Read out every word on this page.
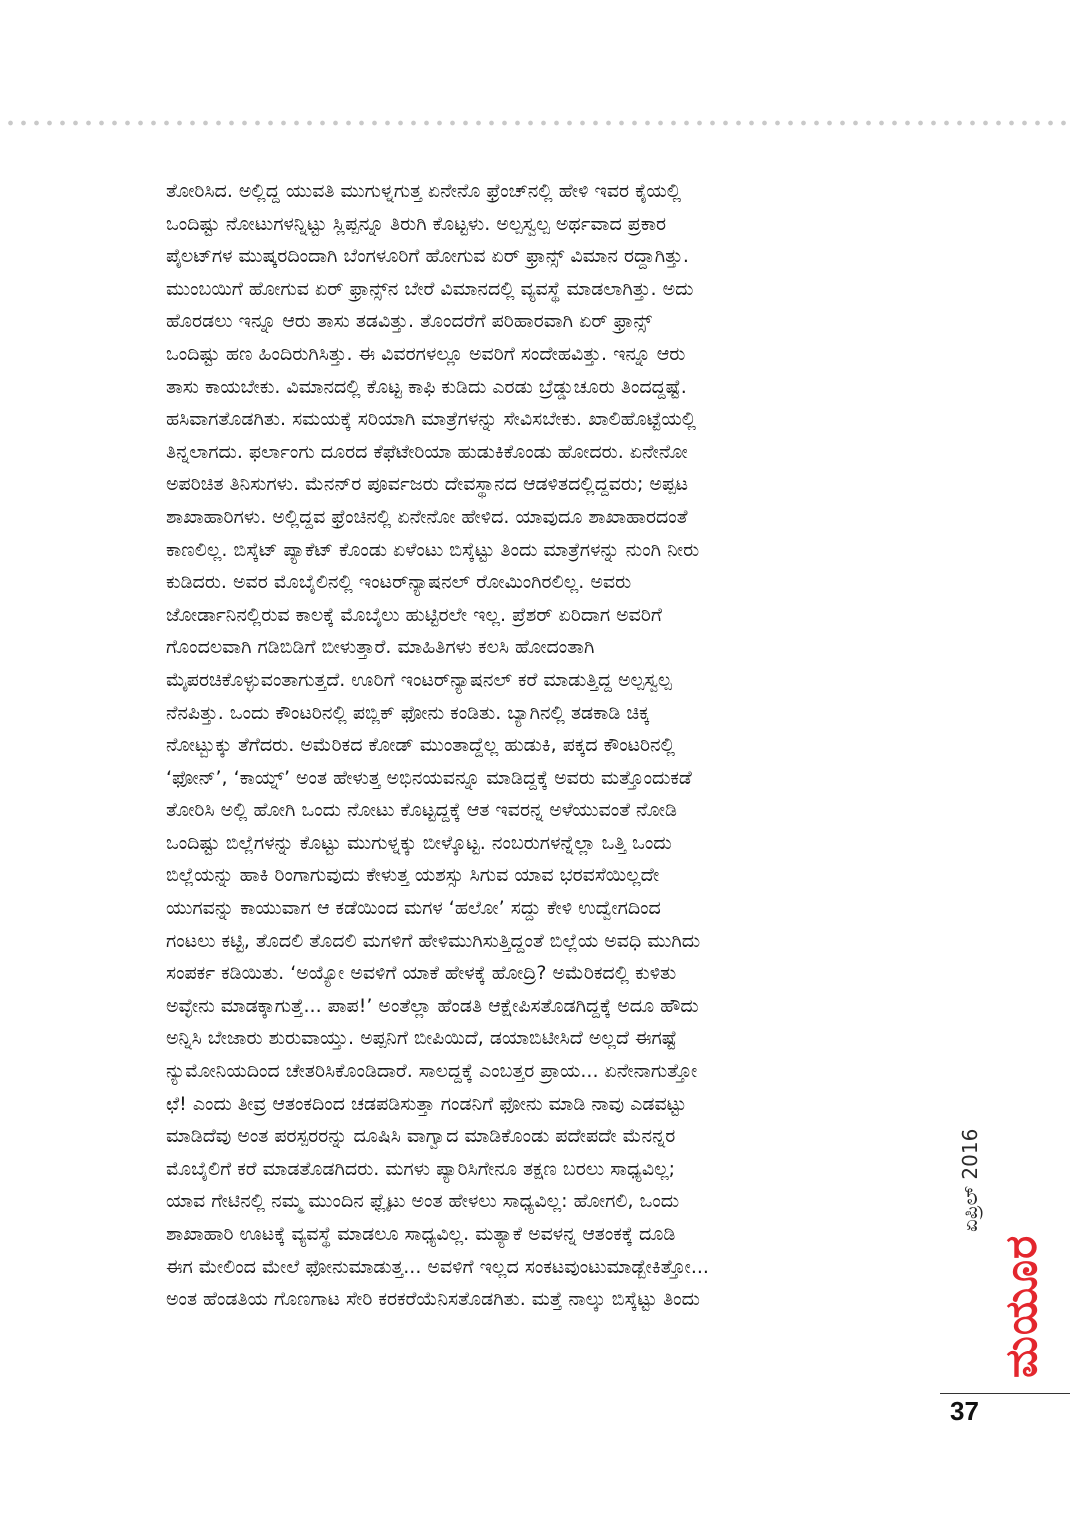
ತೋರಿಸಿದ. ಅಲ್ಲಿದ್ದ ಯುವತಿ ಮುಗುಳ್ನಗುತ್ತ ಏನೇನೊ ಫ್ರೆಂಚ್‌ನಲ್ಲಿ ಹೇಳಿ ಇವರ ಕೈಯಲ್ಲಿ
ಒಂದಿಷ್ಟು ನೋಟುಗಳನ್ನಿಟ್ಟು ಸ್ಲಿಪ್ಪನ್ನೂ ತಿರುಗಿ ಕೊಟ್ಟಳು. ಅಲ್ಪಸ್ವಲ್ಪ ಅರ್ಥವಾದ ಪ್ರಕಾರ
ಪೈಲಟ್‌ಗಳ ಮುಷ್ಕರದಿಂದಾಗಿ ಬೆಂಗಳೂರಿಗೆ ಹೋಗುವ ಏರ್ ಫ್ರಾನ್ಸ್ ವಿಮಾನ ರದ್ದಾಗಿತ್ತು.
ಮುಂಬಯಿಗೆ ಹೋಗುವ ಏರ್ ಫ್ರಾನ್ಸ್‌ನ ಬೇರೆ ವಿಮಾನದಲ್ಲಿ ವ್ಯವಸ್ಥೆ ಮಾಡಲಾಗಿತ್ತು. ಅದು
ಹೊರಡಲು ಇನ್ನೂ ಆರು ತಾಸು ತಡವಿತ್ತು. ತೊಂದರೆಗೆ ಪರಿಹಾರವಾಗಿ ಏರ್ ಫ್ರಾನ್ಸ್
ಒಂದಿಷ್ಟು ಹಣ ಹಿಂದಿರುಗಿಸಿತ್ತು. ಈ ವಿವರಗಳಲ್ಲೂ ಅವರಿಗೆ ಸಂದೇಹವಿತ್ತು. ಇನ್ನೂ ಆರು
ತಾಸು ಕಾಯಬೇಕು. ವಿಮಾನದಲ್ಲಿ ಕೊಟ್ಟ ಕಾಫಿ ಕುಡಿದು ಎರಡು ಬ್ರೆಡ್ಡುಚೂರು ತಿಂದದ್ದಷ್ಟೆ.
ಹಸಿವಾಗತೊಡಗಿತು. ಸಮಯಕ್ಕೆ ಸರಿಯಾಗಿ ಮಾತ್ರೆಗಳನ್ನು ಸೇವಿಸಬೇಕು. ಖಾಲಿಹೊಟ್ಟೆಯಲ್ಲಿ
ತಿನ್ನಲಾಗದು. ಫರ್ಲಾಂಗು ದೂರದ ಕೆಫೆಟೇರಿಯಾ ಹುಡುಕಿಕೊಂಡು ಹೋದರು. ಏನೇನೋ
ಅಪರಿಚಿತ ತಿನಿಸುಗಳು. ಮೆನನ್‌ರ ಪೂರ್ವಜರು ದೇವಸ್ಥಾನದ ಆಡಳಿತದಲ್ಲಿದ್ದವರು; ಅಪ್ಪಟ
ಶಾಖಾಹಾರಿಗಳು. ಅಲ್ಲಿದ್ದವ ಫ್ರೆಂಚಿನಲ್ಲಿ ಏನೇನೋ ಹೇಳಿದ. ಯಾವುದೂ ಶಾಖಾಹಾರದಂತೆ
ಕಾಣಲಿಲ್ಲ. ಬಿಸ್ಕೆಟ್ ಪ್ಯಾಕೆಟ್ ಕೊಂಡು ಏಳೆಂಟು ಬಿಸ್ಕೆಟ್ಟು ತಿಂದು ಮಾತ್ರೆಗಳನ್ನು ನುಂಗಿ ನೀರು
ಕುಡಿದರು. ಅವರ ಮೊಬೈಲಿನಲ್ಲಿ ಇಂಟರ್‌ನ್ಯಾಷನಲ್ ರೋಮಿಂಗಿರಲಿಲ್ಲ. ಅವರು
ಜೋರ್ಡಾನಿನಲ್ಲಿರುವ ಕಾಲಕ್ಕೆ ಮೊಬೈಲು ಹುಟ್ಟಿರಲೇ ಇಲ್ಲ. ಪ್ರೆಶರ್ ಏರಿದಾಗ ಅವರಿಗೆ
ಗೊಂದಲವಾಗಿ ಗಡಿಬಿಡಿಗೆ ಬೀಳುತ್ತಾರೆ. ಮಾಹಿತಿಗಳು ಕಲಸಿ ಹೋದಂತಾಗಿ
ಮೈಪರಚಿಕೊಳ್ಳುವಂತಾಗುತ್ತದೆ. ಊರಿಗೆ ಇಂಟರ್‌ನ್ಯಾಷನಲ್ ಕರೆ ಮಾಡುತ್ತಿದ್ದ ಅಲ್ಪಸ್ವಲ್ಪ
ನೆನಪಿತ್ತು. ಒಂದು ಕೌಂಟರಿನಲ್ಲಿ ಪಬ್ಲಿಕ್ ಫೋನು ಕಂಡಿತು. ಬ್ಯಾಗಿನಲ್ಲಿ ತಡಕಾಡಿ ಚಿಕ್ಕ
ನೋಟ್ಬುಕ್ಕು ತೆಗೆದರು. ಅಮೆರಿಕದ ಕೋಡ್ ಮುಂತಾದ್ದೆಲ್ಲ ಹುಡುಕಿ, ಪಕ್ಕದ ಕೌಂಟರಿನಲ್ಲಿ
‘ಫೋನ್’, ‘ಕಾಯ್ನ್’ ಅಂತ ಹೇಳುತ್ತ ಅಭಿನಯವನ್ನೂ ಮಾಡಿದ್ದಕ್ಕೆ ಅವರು ಮತ್ತೊಂದುಕಡೆ
ತೋರಿಸಿ ಅಲ್ಲಿ ಹೋಗಿ ಒಂದು ನೋಟು ಕೊಟ್ಟದ್ದಕ್ಕೆ ಆತ ಇವರನ್ನ ಅಳೆಯುವಂತೆ ನೋಡಿ
ಒಂದಿಷ್ಟು ಬಿಲ್ಲೆಗಳನ್ನು ಕೊಟ್ಟು ಮುಗುಳ್ನಕ್ಕು ಬೀಳ್ಕೊಟ್ಟ. ನಂಬರುಗಳನ್ನೆಲ್ಲಾ ಒತ್ತಿ ಒಂದು
ಬಿಲ್ಲೆಯನ್ನು ಹಾಕಿ ರಿಂಗಾಗುವುದು ಕೇಳುತ್ತ ಯಶಸ್ಸು ಸಿಗುವ ಯಾವ ಭರವಸೆಯಿಲ್ಲದೇ
ಯುಗವನ್ನು ಕಾಯುವಾಗ ಆ ಕಡೆಯಿಂದ ಮಗಳ ‘ಹಲೋ’ ಸದ್ದು ಕೇಳಿ ಉದ್ವೇಗದಿಂದ
ಗಂಟಲು ಕಟ್ಟಿ, ತೊದಲಿ ತೊದಲಿ ಮಗಳಿಗೆ ಹೇಳಿಮುಗಿಸುತ್ತಿದ್ದಂತೆ ಬಿಲ್ಲೆಯ ಅವಧಿ ಮುಗಿದು
ಸಂಪರ್ಕ ಕಡಿಯಿತು. ‘ಅಯ್ಯೋ ಅವಳಿಗೆ ಯಾಕೆ ಹೇಳಕ್ಕೆ ಹೋದ್ರಿ? ಅಮೆರಿಕದಲ್ಲಿ ಕುಳಿತು
ಅವ್ಳೇನು ಮಾಡಕ್ಕಾಗುತ್ತೆ... ಪಾಪ!’ ಅಂತೆಲ್ಲಾ ಹೆಂಡತಿ ಆಕ್ಷೇಪಿಸತೊಡಗಿದ್ದಕ್ಕೆ ಅದೂ ಹೌದು
ಅನ್ನಿಸಿ ಬೇಜಾರು ಶುರುವಾಯ್ತು. ಅಪ್ಪನಿಗೆ ಬೀಪಿಯಿದೆ, ಡಯಾಬಿಟೀಸಿದೆ ಅಲ್ಲದೆ ಈಗಷ್ಟೆ
ನ್ಯುಮೋನಿಯದಿಂದ ಚೇತರಿಸಿಕೊಂಡಿದಾರೆ. ಸಾಲದ್ದಕ್ಕೆ ಎಂಬತ್ತರ ಪ್ರಾಯ... ಏನೇನಾಗುತ್ತೋ
ಛೆ! ಎಂದು ತೀವ್ರ ಆತಂಕದಿಂದ ಚಡಪಡಿಸುತ್ತಾ ಗಂಡನಿಗೆ ಫೋನು ಮಾಡಿ ನಾವು ಎಡವಟ್ಟು
ಮಾಡಿದೆವು ಅಂತ ಪರಸ್ಪರರನ್ನು ದೂಷಿಸಿ ವಾಗ್ವಾದ ಮಾಡಿಕೊಂಡು ಪದೇಪದೇ ಮೆನನ್ನರ
ಮೊಬೈಲಿಗೆ ಕರೆ ಮಾಡತೊಡಗಿದರು. ಮಗಳು ಪ್ಯಾರಿಸಿಗೇನೂ ತಕ್ಷಣ ಬರಲು ಸಾಧ್ಯವಿಲ್ಲ;
ಯಾವ ಗೇಟಿನಲ್ಲಿ ನಮ್ಮ ಮುಂದಿನ ಫ್ಲೈಟು ಅಂತ ಹೇಳಲು ಸಾಧ್ಯವಿಲ್ಲ: ಹೋಗಲಿ, ಒಂದು
ಶಾಖಾಹಾರಿ ಊಟಕ್ಕೆ ವ್ಯವಸ್ಥೆ ಮಾಡಲೂ ಸಾಧ್ಯವಿಲ್ಲ. ಮತ್ಯಾಕೆ ಅವಳನ್ನ ಆತಂಕಕ್ಕೆ ದೂಡಿ
ಈಗ ಮೇಲಿಂದ ಮೇಲೆ ಫೋನುಮಾಡುತ್ತ... ಅವಳಿಗೆ ಇಲ್ಲದ ಸಂಕಟವುಂಟುಮಾಡ್ಬೇಕಿತ್ತೋ...
ಅಂತ ಹೆಂಡತಿಯ ಗೊಣಗಾಟ ಸೇರಿ ಕರಕರೆಯೆನಿಸತೊಡಗಿತು. ಮತ್ತೆ ನಾಲ್ಕು ಬಿಸ್ಕೆಟ್ಟು ತಿಂದು
ಏಪ್ರಿಲ್ 2016
ಮಯೂರ
37
